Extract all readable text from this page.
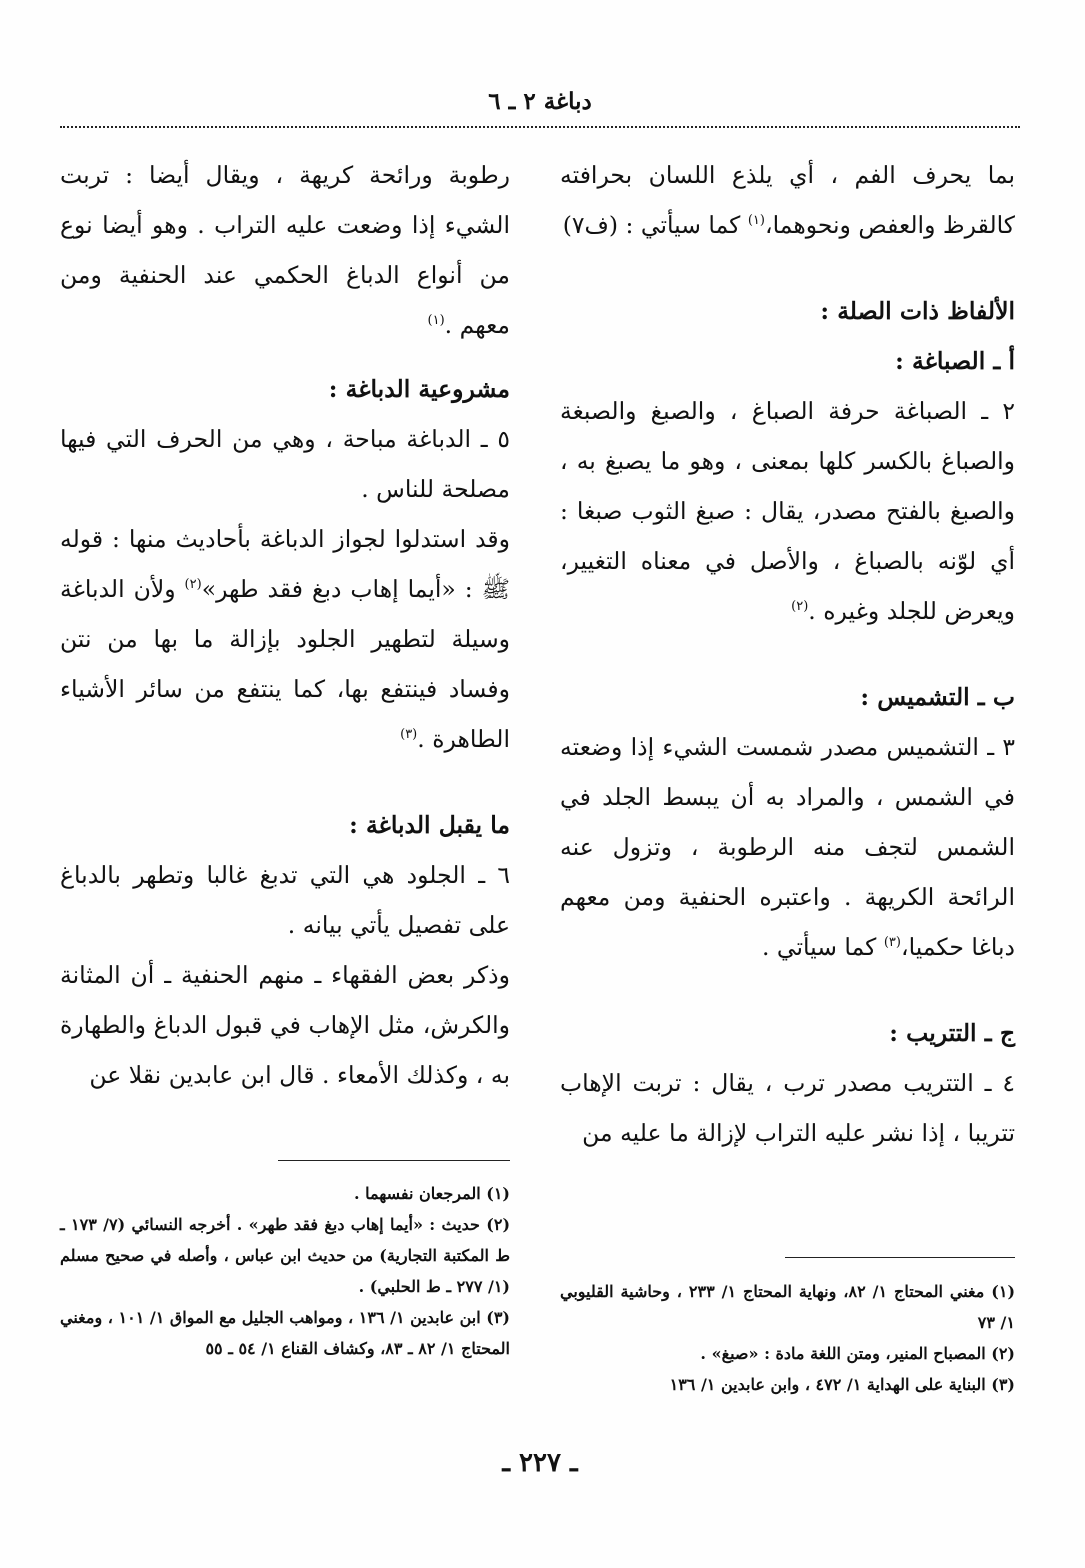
دباغة ٢ ـ ٦

بما يحرف الفم ، أي يلذع اللسان بحرافته كالقرظ والعفص ونحوهما،$^{(١)}$ كما سيأتي : (ف٧)

الألفاظ ذات الصلة :

أ ـ الصباغة :

٢ ـ الصباغة حرفة الصباغ ، والصبغ والصبغة والصباغ بالكسر كلها بمعنى ، وهو ما يصبغ به ، والصبغ بالفتح مصدر، يقال : صبغ الثوب صبغا : أي لوّنه بالصباغ ، والأصل في معناه التغيير، ويعرض للجلد وغيره .$^{(٢)}$

ب ـ التشميس :

٣ ـ التشميس مصدر شمست الشيء إذا وضعته في الشمس ، والمراد به أن يبسط الجلد في الشمس لتجف منه الرطوبة ، وتزول عنه الرائحة الكريهة . واعتبره الحنفية ومن معهم دباغا حكميا،$^{(٣)}$ كما سيأتي .

ج ـ التتريب :

٤ ـ التتريب مصدر ترب ، يقال : تربت الإهاب تتريبا ، إذا نشر عليه التراب لإزالة ما عليه من

(١) مغني المحتاج ١/ ٨٢، ونهاية المحتاج ١/ ٢٣٣ ، وحاشية القليوبي ١/ ٧٣

(٢) المصباح المنير، ومتن اللغة مادة : «صبغ» .

(٣) البناية على الهداية ١/ ٤٧٢ ، وابن عابدين ١/ ١٣٦

رطوبة ورائحة كريهة ، ويقال أيضا : تربت الشيء إذا وضعت عليه التراب . وهو أيضا نوع من أنواع الدباغ الحكمي عند الحنفية ومن معهم .$^{(١)}$

مشروعية الدباغة :

٥ ـ الدباغة مباحة ، وهي من الحرف التي فيها مصلحة للناس .

وقد استدلوا لجواز الدباغة بأحاديث منها : قوله ﷺ : «أيما إهاب دبغ فقد طهر»$^{(٢)}$ ولأن الدباغة وسيلة لتطهير الجلود بإزالة ما بها من نتن وفساد فينتفع بها، كما ينتفع من سائر الأشياء الطاهرة .$^{(٣)}$

ما يقبل الدباغة :

٦ ـ الجلود هي التي تدبغ غالبا وتطهر بالدباغ على تفصيل يأتي بيانه .

وذكر بعض الفقهاء ـ منهم الحنفية ـ أن المثانة والكرش، مثل الإهاب في قبول الدباغ والطهارة به ، وكذلك الأمعاء . قال ابن عابدين نقلا عن

(١) المرجعان نفسهما .

(٢) حديث : «أيما إهاب دبغ فقد طهر» . أخرجه النسائي (٧/ ١٧٣ ـ ط المكتبة التجارية) من حديث ابن عباس ، وأصله في صحيح مسلم (١/ ٢٧٧ ـ ط الحلبي) .

(٣) ابن عابدين ١/ ١٣٦ ، ومواهب الجليل مع المواق ١/ ١٠١ ، ومغني المحتاج ١/ ٨٢ ـ ٨٣، وكشاف القناع ١/ ٥٤ ـ ٥٥

ـ ٢٢٧ ـ
